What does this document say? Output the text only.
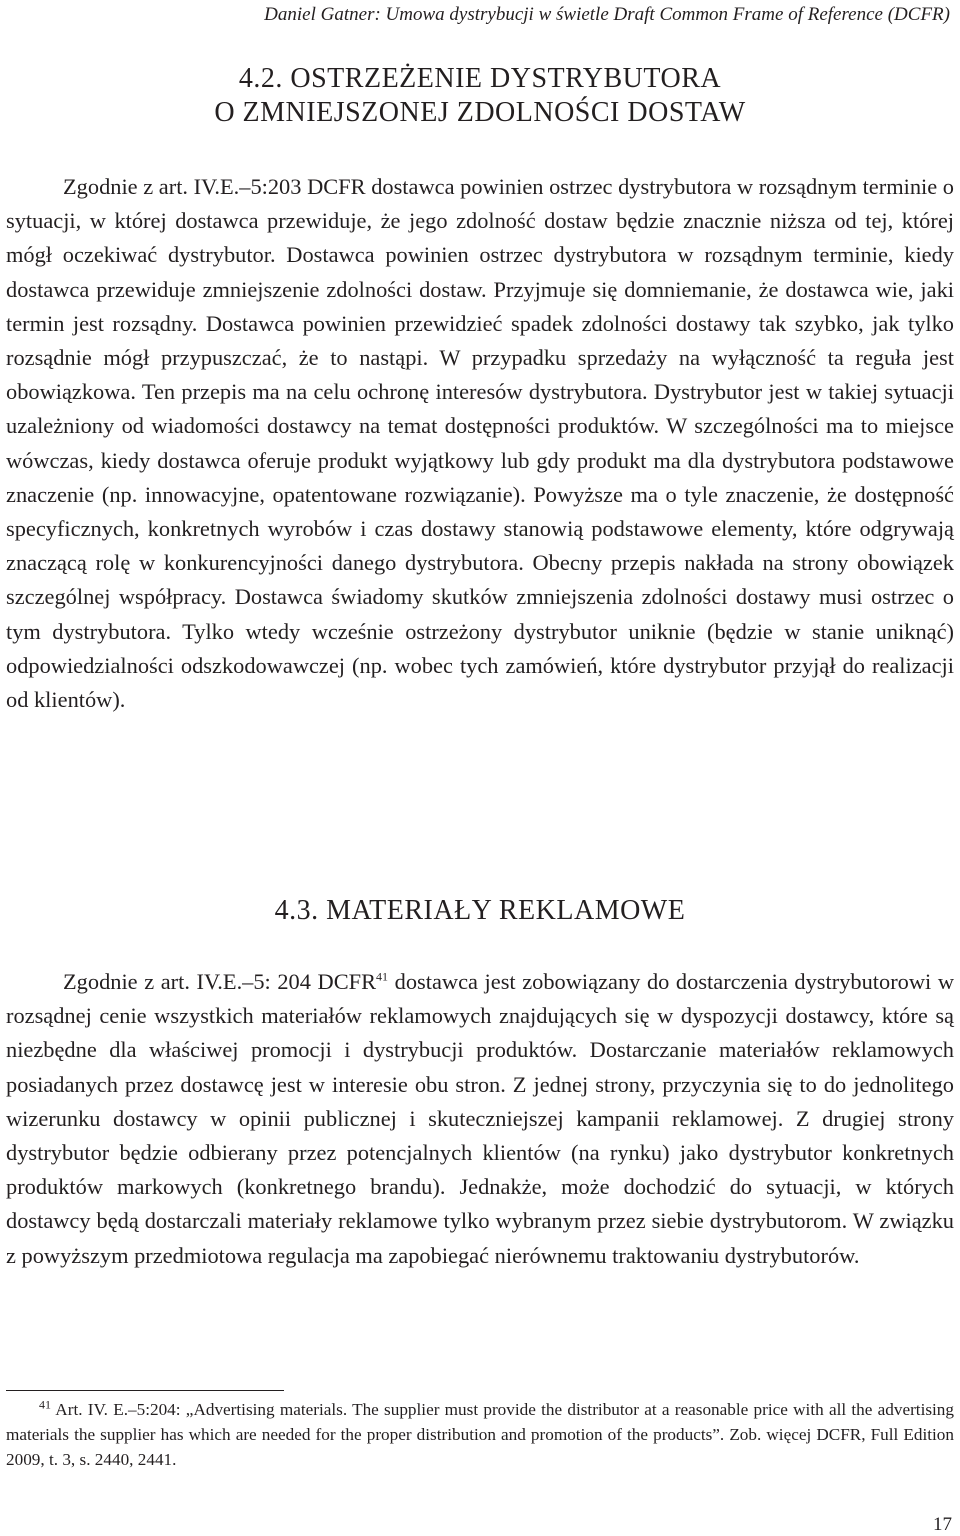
Daniel Gatner: Umowa dystrybucji w świetle Draft Common Frame of Reference (DCFR)
4.2. OSTRZEŻENIE DYSTRYBUTORA
O ZMNIEJSZONEJ ZDOLNOŚCI DOSTAW

Zgodnie z art. IV.E.–5:203 DCFR dostawca powinien ostrzec dystrybutora w rozsądnym terminie o sytuacji, w której dostawca przewiduje, że jego zdolność dostaw będzie znacznie niższa od tej, której mógł oczekiwać dystrybutor. Dostawca powinien ostrzec dystrybutora w rozsądnym terminie, kiedy dostawca przewiduje zmniejszenie zdolności dostaw. Przyjmuje się domniemanie, że dostawca wie, jaki termin jest rozsądny. Dostawca powinien przewidzieć spadek zdolności dostawy tak szybko, jak tylko rozsądnie mógł przypuszczać, że to nastąpi. W przypadku sprzedaży na wyłączność ta reguła jest obowiązkowa. Ten przepis ma na celu ochronę interesów dystrybutora. Dystrybutor jest w takiej sytuacji uzależniony od wiadomości dostawcy na temat dostępności produktów. W szczególności ma to miejsce wówczas, kiedy dostawca oferuje produkt wyjątkowy lub gdy produkt ma dla dystrybutora podstawowe znaczenie (np. innowacyjne, opatentowane rozwiązanie). Powyższe ma o tyle znaczenie, że dostępność specyficznych, konkretnych wyrobów i czas dostawy stanowią podstawowe elementy, które odgrywają znaczącą rolę w konkurencyjności danego dystrybutora. Obecny przepis nakłada na strony obowiązek szczególnej współpracy. Dostawca świadomy skutków zmniejszenia zdolności dostawy musi ostrzec o tym dystrybutora. Tylko wtedy wcześnie ostrzeżony dystrybutor uniknie (będzie w stanie uniknąć) odpowiedzialności odszkodowawczej (np. wobec tych zamówień, które dystrybutor przyjął do realizacji od klientów).

4.3. MATERIAŁY REKLAMOWE

Zgodnie z art. IV.E.–5: 204 DCFR$^{41}$ dostawca jest zobowiązany do dostarczenia dystrybutorowi w rozsądnej cenie wszystkich materiałów reklamowych znajdujących się w dyspozycji dostawcy, które są niezbędne dla właściwej promocji i dystrybucji produktów. Dostarczanie materiałów reklamowych posiadanych przez dostawcę jest w interesie obu stron. Z jednej strony, przyczynia się to do jednolitego wizerunku dostawcy w opinii publicznej i skuteczniejszej kampanii reklamowej. Z drugiej strony dystrybutor będzie odbierany przez potencjalnych klientów (na rynku) jako dystrybutor konkretnych produktów markowych (konkretnego brandu). Jednakże, może dochodzić do sytuacji, w których dostawcy będą dostarczali materiały reklamowe tylko wybranym przez siebie dystrybutorom. W związku z powyższym przedmiotowa regulacja ma zapobiegać nierównemu traktowaniu dystrybutorów.

$^{41}$ Art. IV. E.–5:204: „Advertising materials. The supplier must provide the distributor at a reasonable price with all the advertising materials the supplier has which are needed for the proper distribution and promotion of the products”. Zob. więcej DCFR, Full Edition 2009, t. 3, s. 2440, 2441.

17
